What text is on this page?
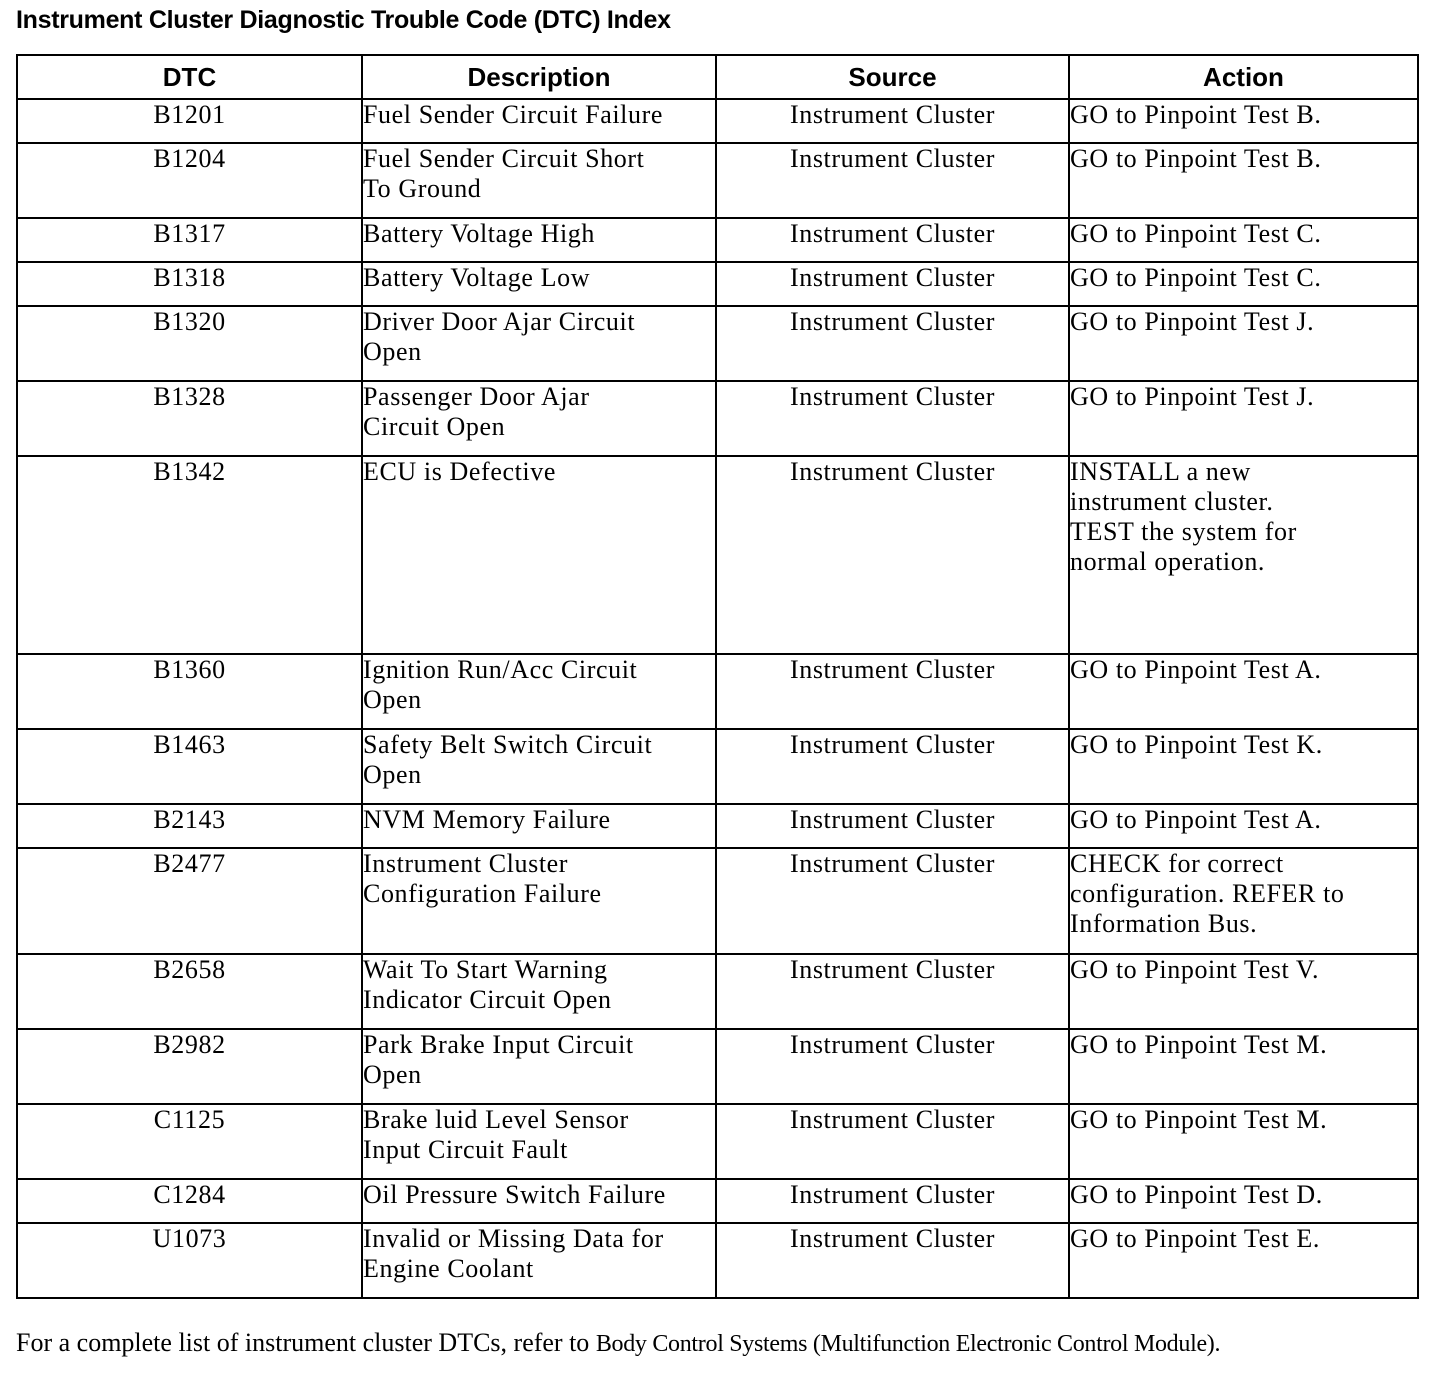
Instrument Cluster Diagnostic Trouble Code (DTC) Index
DTC	Description	Source	Action
B1201	Fuel Sender Circuit Failure	Instrument Cluster	GO to Pinpoint Test B.
B1204	Fuel Sender Circuit Short
To Ground	Instrument Cluster	GO to Pinpoint Test B.
B1317	Battery Voltage High	Instrument Cluster	GO to Pinpoint Test C.
B1318	Battery Voltage Low	Instrument Cluster	GO to Pinpoint Test C.
B1320	Driver Door Ajar Circuit
Open	Instrument Cluster	GO to Pinpoint Test J.
B1328	Passenger Door Ajar
Circuit Open	Instrument Cluster	GO to Pinpoint Test J.
B1342	ECU is Defective	Instrument Cluster	INSTALL a new
instrument cluster.
TEST the system for
normal operation.
B1360	Ignition Run/Acc Circuit
Open	Instrument Cluster	GO to Pinpoint Test A.
B1463	Safety Belt Switch Circuit
Open	Instrument Cluster	GO to Pinpoint Test K.
B2143	NVM Memory Failure	Instrument Cluster	GO to Pinpoint Test A.
B2477	Instrument Cluster
Configuration Failure	Instrument Cluster	CHECK for correct
configuration. REFER to
Information Bus.
B2658	Wait To Start Warning
Indicator Circuit Open	Instrument Cluster	GO to Pinpoint Test V.
B2982	Park Brake Input Circuit
Open	Instrument Cluster	GO to Pinpoint Test M.
C1125	Brake luid Level Sensor
Input Circuit Fault	Instrument Cluster	GO to Pinpoint Test M.
C1284	Oil Pressure Switch Failure	Instrument Cluster	GO to Pinpoint Test D.
U1073	Invalid or Missing Data for
Engine Coolant	Instrument Cluster	GO to Pinpoint Test E.
For a complete list of instrument cluster DTCs, refer to Body Control Systems (Multifunction Electronic Control Module).
